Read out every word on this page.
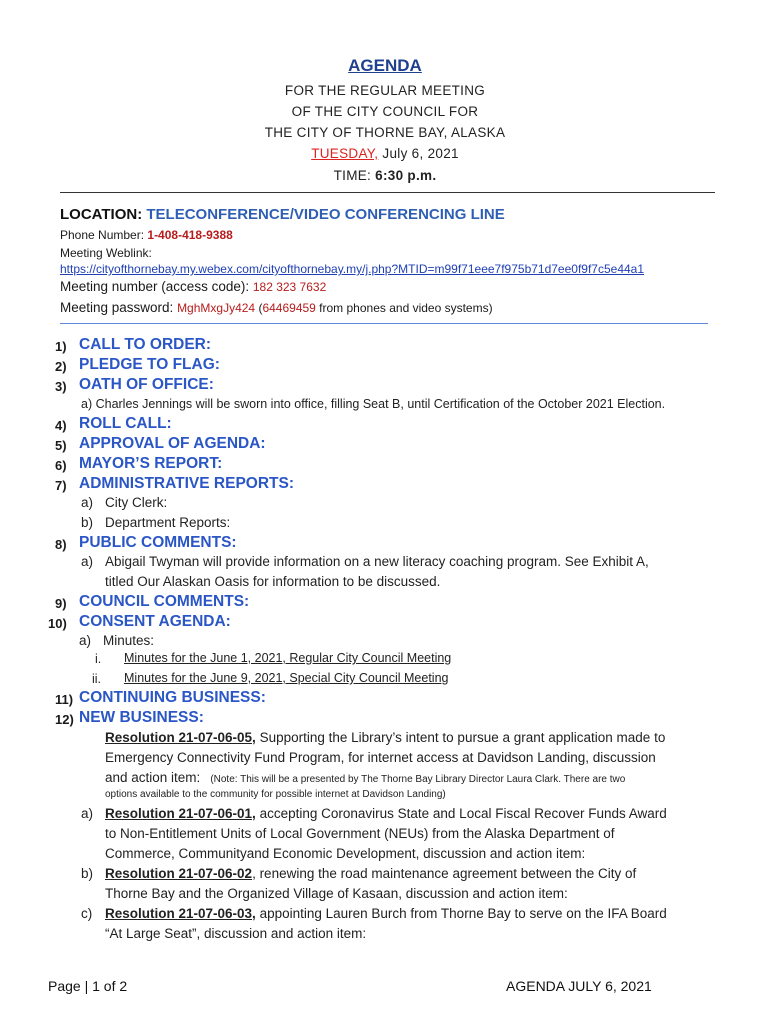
AGENDA
FOR THE REGULAR MEETING
OF THE CITY COUNCIL FOR
THE CITY OF THORNE BAY, ALASKA
TUESDAY, July 6, 2021
TIME: 6:30 p.m.
LOCATION: TELECONFERENCE/VIDEO CONFERENCING LINE
Phone Number: 1-408-418-9388
Meeting Weblink:
https://cityofthornebay.my.webex.com/cityofthornebay.my/j.php?MTID=m99f71eee7f975b71d7ee0f9f7c5e44a1
Meeting number (access code): 182 323 7632
Meeting password: MghMxgJy424 (64469459 from phones and video systems)
1) CALL TO ORDER:
2) PLEDGE TO FLAG:
3) OATH OF OFFICE:
a) Charles Jennings will be sworn into office, filling Seat B, until Certification of the October 2021 Election.
4) ROLL CALL:
5) APPROVAL OF AGENDA:
6) MAYOR’S REPORT:
7) ADMINISTRATIVE REPORTS:
a) City Clerk:
b) Department Reports:
8) PUBLIC COMMENTS:
a) Abigail Twyman will provide information on a new literacy coaching program. See Exhibit A,
titled Our Alaskan Oasis for information to be discussed.
9) COUNCIL COMMENTS:
10) CONSENT AGENDA:
a) Minutes:
i. Minutes for the June 1, 2021, Regular City Council Meeting
ii. Minutes for the June 9, 2021, Special City Council Meeting
11) CONTINUING BUSINESS:
12) NEW BUSINESS:
Resolution 21-07-06-05, Supporting the Library’s intent to pursue a grant application made to
Emergency Connectivity Fund Program, for internet access at Davidson Landing, discussion
and action item: (Note: This will be a presented by The Thorne Bay Library Director Laura Clark. There are two
options available to the community for possible internet at Davidson Landing)
a) Resolution 21-07-06-01, accepting Coronavirus State and Local Fiscal Recover Funds Award
to Non-Entitlement Units of Local Government (NEUs) from the Alaska Department of
Commerce, Communityand Economic Development, discussion and action item:
b) Resolution 21-07-06-02, renewing the road maintenance agreement between the City of
Thorne Bay and the Organized Village of Kasaan, discussion and action item:
c) Resolution 21-07-06-03, appointing Lauren Burch from Thorne Bay to serve on the IFA Board
“At Large Seat”, discussion and action item:
Page | 1 of 2	AGENDA JULY 6, 2021
